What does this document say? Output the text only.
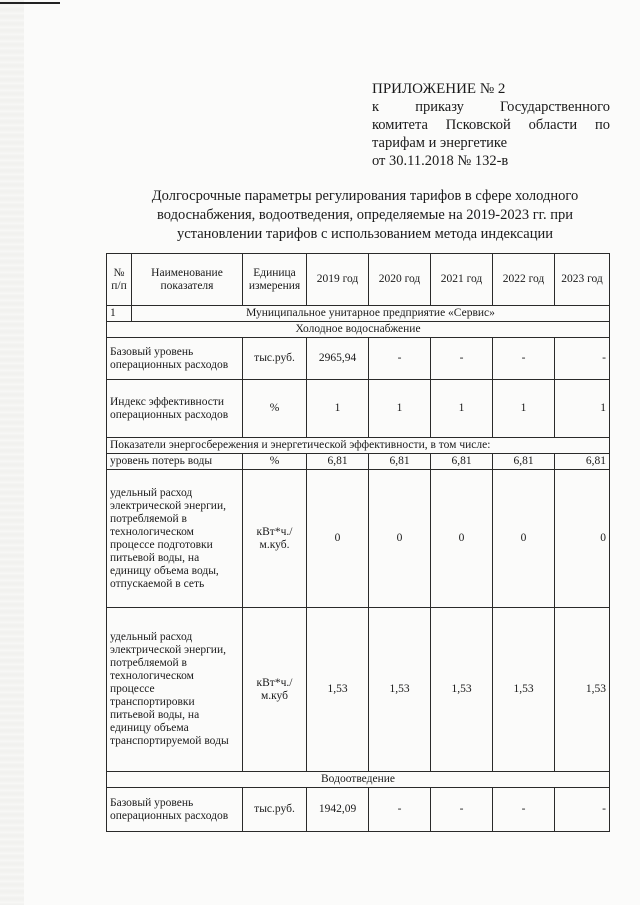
ПРИЛОЖЕНИЕ № 2
к приказу Государственного
комитета Псковской области по
тарифам и энергетике
от 30.11.2018 № 132-в
Долгосрочные параметры регулирования тарифов в сфере холодного водоснабжения, водоотведения, определяемые на 2019-2023 гг. при установлении тарифов с использованием метода индексации
№ п/п	Наименование показателя	Единица измерения	2019 год	2020 год	2021 год	2022 год	2023 год
1	Муниципальное унитарное предприятие «Сервис»						
Холодное водоснабжение							
Базовый уровень операционных расходов		тыс.руб.	2965,94	-	-	-	-
Индекс эффективности операционных расходов		%	1	1	1	1	1
Показатели энергосбережения и энергетической эффективности, в том числе:							
уровень потерь воды		%	6,81	6,81	6,81	6,81	6,81
удельный расход электрической энергии, потребляемой в технологическом процессе подготовки питьевой воды, на единицу объема воды, отпускаемой в сеть		кВт*ч./м.куб.	0	0	0	0	0
удельный расход электрической энергии, потребляемой в технологическом процессе транспортировки питьевой воды, на единицу объема транспортируемой воды		кВт*ч./м.куб	1,53	1,53	1,53	1,53	1,53
Водоотведение							
Базовый уровень операционных расходов		тыс.руб.	1942,09	-	-	-	-
